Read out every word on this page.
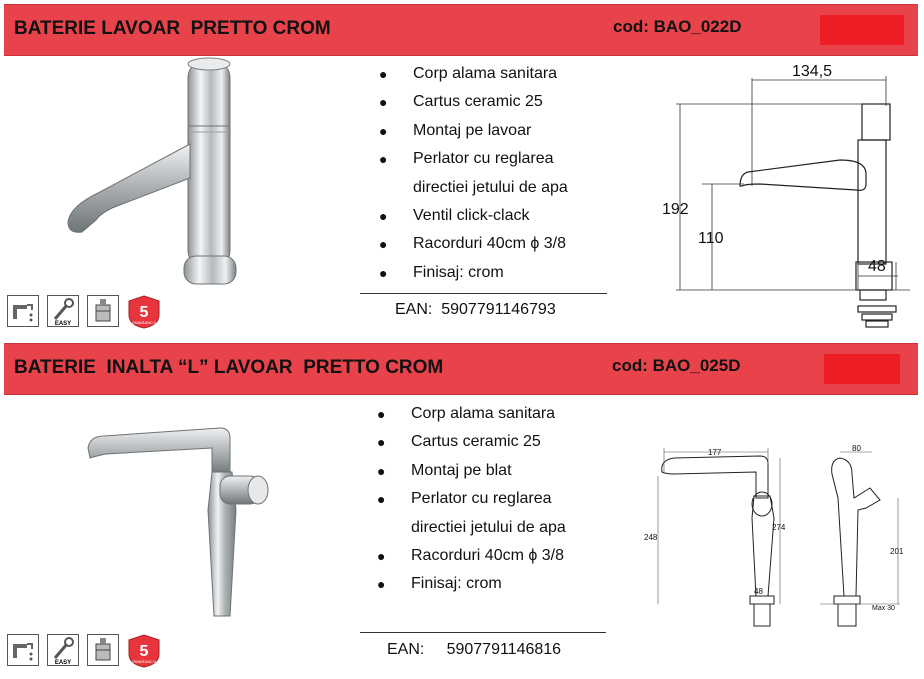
BATERIE LAVOAR  PRETTO CROM	cod: BAO_022D
● Corp alama sanitara
● Cartus ceramic 25
● Montaj pe lavoar
● Perlator cu reglarea
directiei jetului de apa
● Ventil click-clack
● Racorduri 40cm ϕ 3/8
● Finisaj: crom
EAN: 5907791146793
EASY
5
GWARANCJI
134,5
192
110
48
BATERIE  INALTA “L” LAVOAR  PRETTO CROM	cod: BAO_025D
● Corp alama sanitara
● Cartus ceramic 25
● Montaj pe blat
● Perlator cu reglarea
directiei jetului de apa
● Racorduri 40cm ϕ 3/8
● Finisaj: crom
EAN: 5907791146816
EASY
5
GWARANCJI
177
248
274
48
80
201
Max 30
